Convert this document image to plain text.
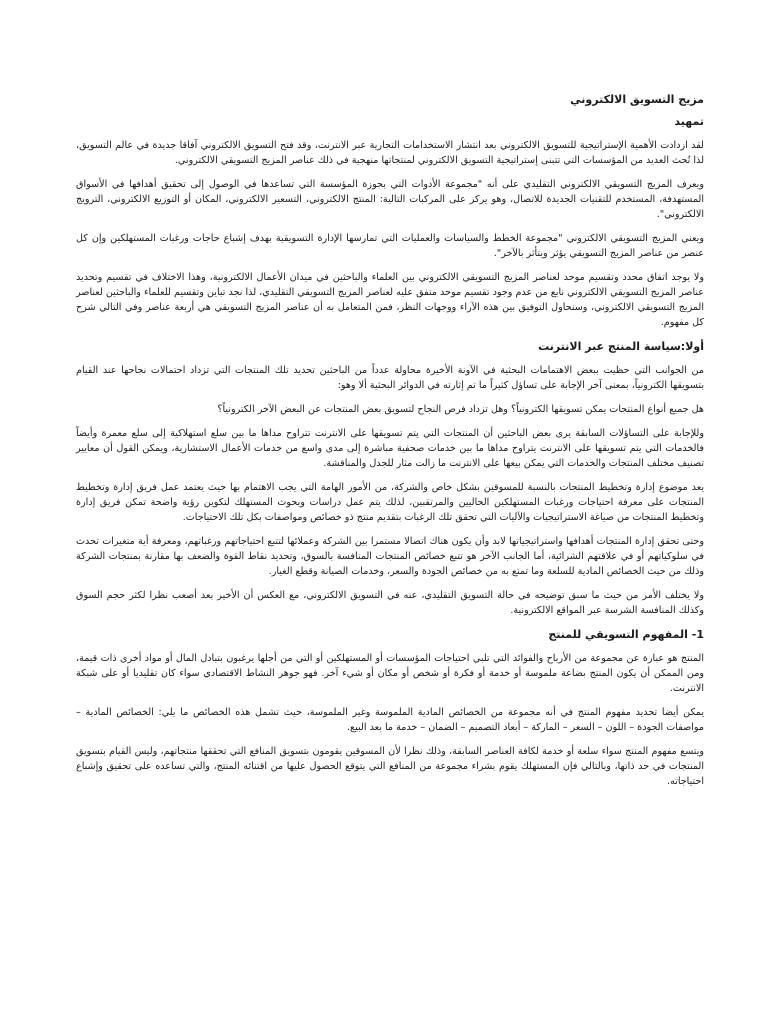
مزيج التسويق الالكتروني
تمهيد

لقد ازدادت الأهمية الإستراتيجية للتسويق الالكتروني بعد انتشار الاستخدامات التجارية عبر الانترنت، وقد فتح التسويق الالكتروني آفاقا جديدة في عالم التسويق، لذا تُحث العديد من المؤسسات التي تتبنى إستراتيجية التسويق الالكتروني لمنتجاتها منهجية في ذلك عناصر المزيج التسويقي الالكتروني.

ويعرف المزيج التسويقي الالكتروني التقليدي على أنه "مجموعة الأدوات التي بحوزة المؤسسة التي تساعدها في الوصول إلى تحقيق أهدافها في الأسواق المستهدفة، المستخدم للتقنيات الجديدة للاتصال، وهو يركز على المركبات التالية: المنتج الالكتروني، التسعير الالكتروني، المكان أو التوزيع الالكتروني، الترويج الالكتروني".

ويعني المزيج التسويقي الالكتروني "مجموعة الخطط والسياسات والعمليات التي تمارسها الإدارة التسويقية بهدف إشباع حاجات ورغبات المستهلكين وإن كل عنصر من عناصر المزيج التسويقي يؤثر ويتأثر بالآخر".

ولا يوجد اتفاق محدد وتقسيم موحد لعناصر المزيج التسويقي الالكتروني بين العلماء والباحثين في ميدان الأعمال الالكترونية، وهذا الاختلاف في تقسيم وتحديد عناصر المزيج التسويقي الالكتروني نابع من عدم وجود تقسيم موحد متفق عليه لعناصر المزيج التسويقي التقليدي، لذا نجد تباين وتقسيم للعلماء والباحثين لعناصر المزيج التسويقي الالكتروني، وسنحاول التوفيق بين هذه الآراء ووجهات النظر، فمن المتعامل به أن عناصر المزيج التسويقي هي أربعة عناصر وفي التالي شرح كل مفهوم.

أولا:سياسة المنتج عبر الانترنت

من الجوانب التي حظيت ببعض الاهتمامات البحثية في الآونة الأخيرة محاولة عدداً من الباحثين تحديد تلك المنتجات التي تزداد احتمالات نجاحها عند القيام بتسويقها الكترونياً، بمعنى آخر الإجابة على تساؤل كثيراً ما تم إثارته في الدوائر البحثية ألا وهو:

هل جميع أنواع المنتجات يمكن تسويقها الكترونياً؟ وهل تزداد فرص النجاح لتسويق بعض المنتجات عن البعض الآخر الكترونياً؟

وللإجابة على التساؤلات السابقة يرى بعض الباحثين أن المنتجات التي يتم تسويقها على الانترنت تتراوح مداها ما بين سلع استهلاكية إلى سلع معمرة وأيضاً فالخدمات التي يتم تسويقها على الانترنت يتراوح مداها ما بين خدمات صحفية مباشرة إلى مدى واسع من خدمات الأعمال الاستشارية، ويمكن القول أن معايير تصنيف مختلف المنتجات والخدمات التي يمكن بيعها على الانترنت ما زالت مثار للجدل والمناقشة.

يعد موضوع إدارة وتخطيط المنتجات بالنسبة للمسوقين بشكل خاص والشركة، من الأمور الهامة التي يجب الاهتمام بها حيث يعتمد عمل فريق إدارة وتخطيط المنتجات على معرفة احتياجات ورغبات المستهلكين الحاليين والمرتقبين، لذلك يتم عمل دراسات وبحوث المستهلك لتكوين رؤية واضحة تمكن فريق إدارة وتخطيط المنتجات من صياغة الاستراتيجيات والآليات التي تحقق تلك الرغبات بتقديم منتج ذو خصائص ومواصفات بكل تلك الاحتياجات.

وحتى تحقق إدارة المنتجات أهدافها واستراتيجياتها لابد وأن يكون هناك اتصالا مستمرا بين الشركة وعملائها لتتبع احتياجاتهم ورغباتهم، ومعرفة أية متغيرات تحدث في سلوكياتهم أو في علاقتهم الشرائية، أما الجانب الآخر هو تتبع خصائص المنتجات المنافسة بالسوق، وتحديد نقاط القوة والضعف بها مقارنة بمنتجات الشركة وذلك من حيث الخصائص المادية للسلعة وما تمتع به من خصائص الجودة والسعر، وخدمات الصيانة وقطع الغيار.

ولا يختلف الأمر من حيث ما سبق توضيحه في حالة التسويق التقليدي، عنه في التسويق الالكتروني، مع العكس أن الأخير بعد أصعب نظرا لكثر حجم السوق وكذلك المنافسة الشرسة عبر المواقع الالكترونية.

1- المفهوم التسويقي للمنتج

المنتج هو عبارة عن مجموعة من الأرباح والفوائد التي تلبي احتياجات المؤسسات أو المستهلكين أو التي من أجلها يرغبون بتبادل المال أو مواد أخرى ذات قيمة، ومن الممكن أن يكون المنتج بضاعة ملموسة أو خدمة أو فكرة أو شخص أو مكان أو شيء آخر. فهو جوهر النشاط الاقتصادي سواء كان تقليديا أو على شبكة الانترنت.

يمكن أيضا تحديد مفهوم المنتج في أنه مجموعة من الخصائص المادية الملموسة وغير الملموسة، حيث تشمل هذه الخصائص ما يلي: الخصائص المادية – مواصفات الجودة – اللون – السعر – الماركة – أبعاد التصميم – الضمان – خدمة ما بعد البيع.

ويتسع مفهوم المنتج سواء سلعة أو خدمة لكافة العناصر السابقة، وذلك نظرا لأن المسوقين يقومون بتسويق المنافع التي تحققها منتجاتهم، وليس القيام بتسويق المنتجات في حد ذاتها، وبالتالي فإن المستهلك يقوم بشراء مجموعة من المنافع التي يتوقع الحصول عليها من اقتنائه المنتج، والتي تساعده على تحقيق وإشباع احتياجاته.
